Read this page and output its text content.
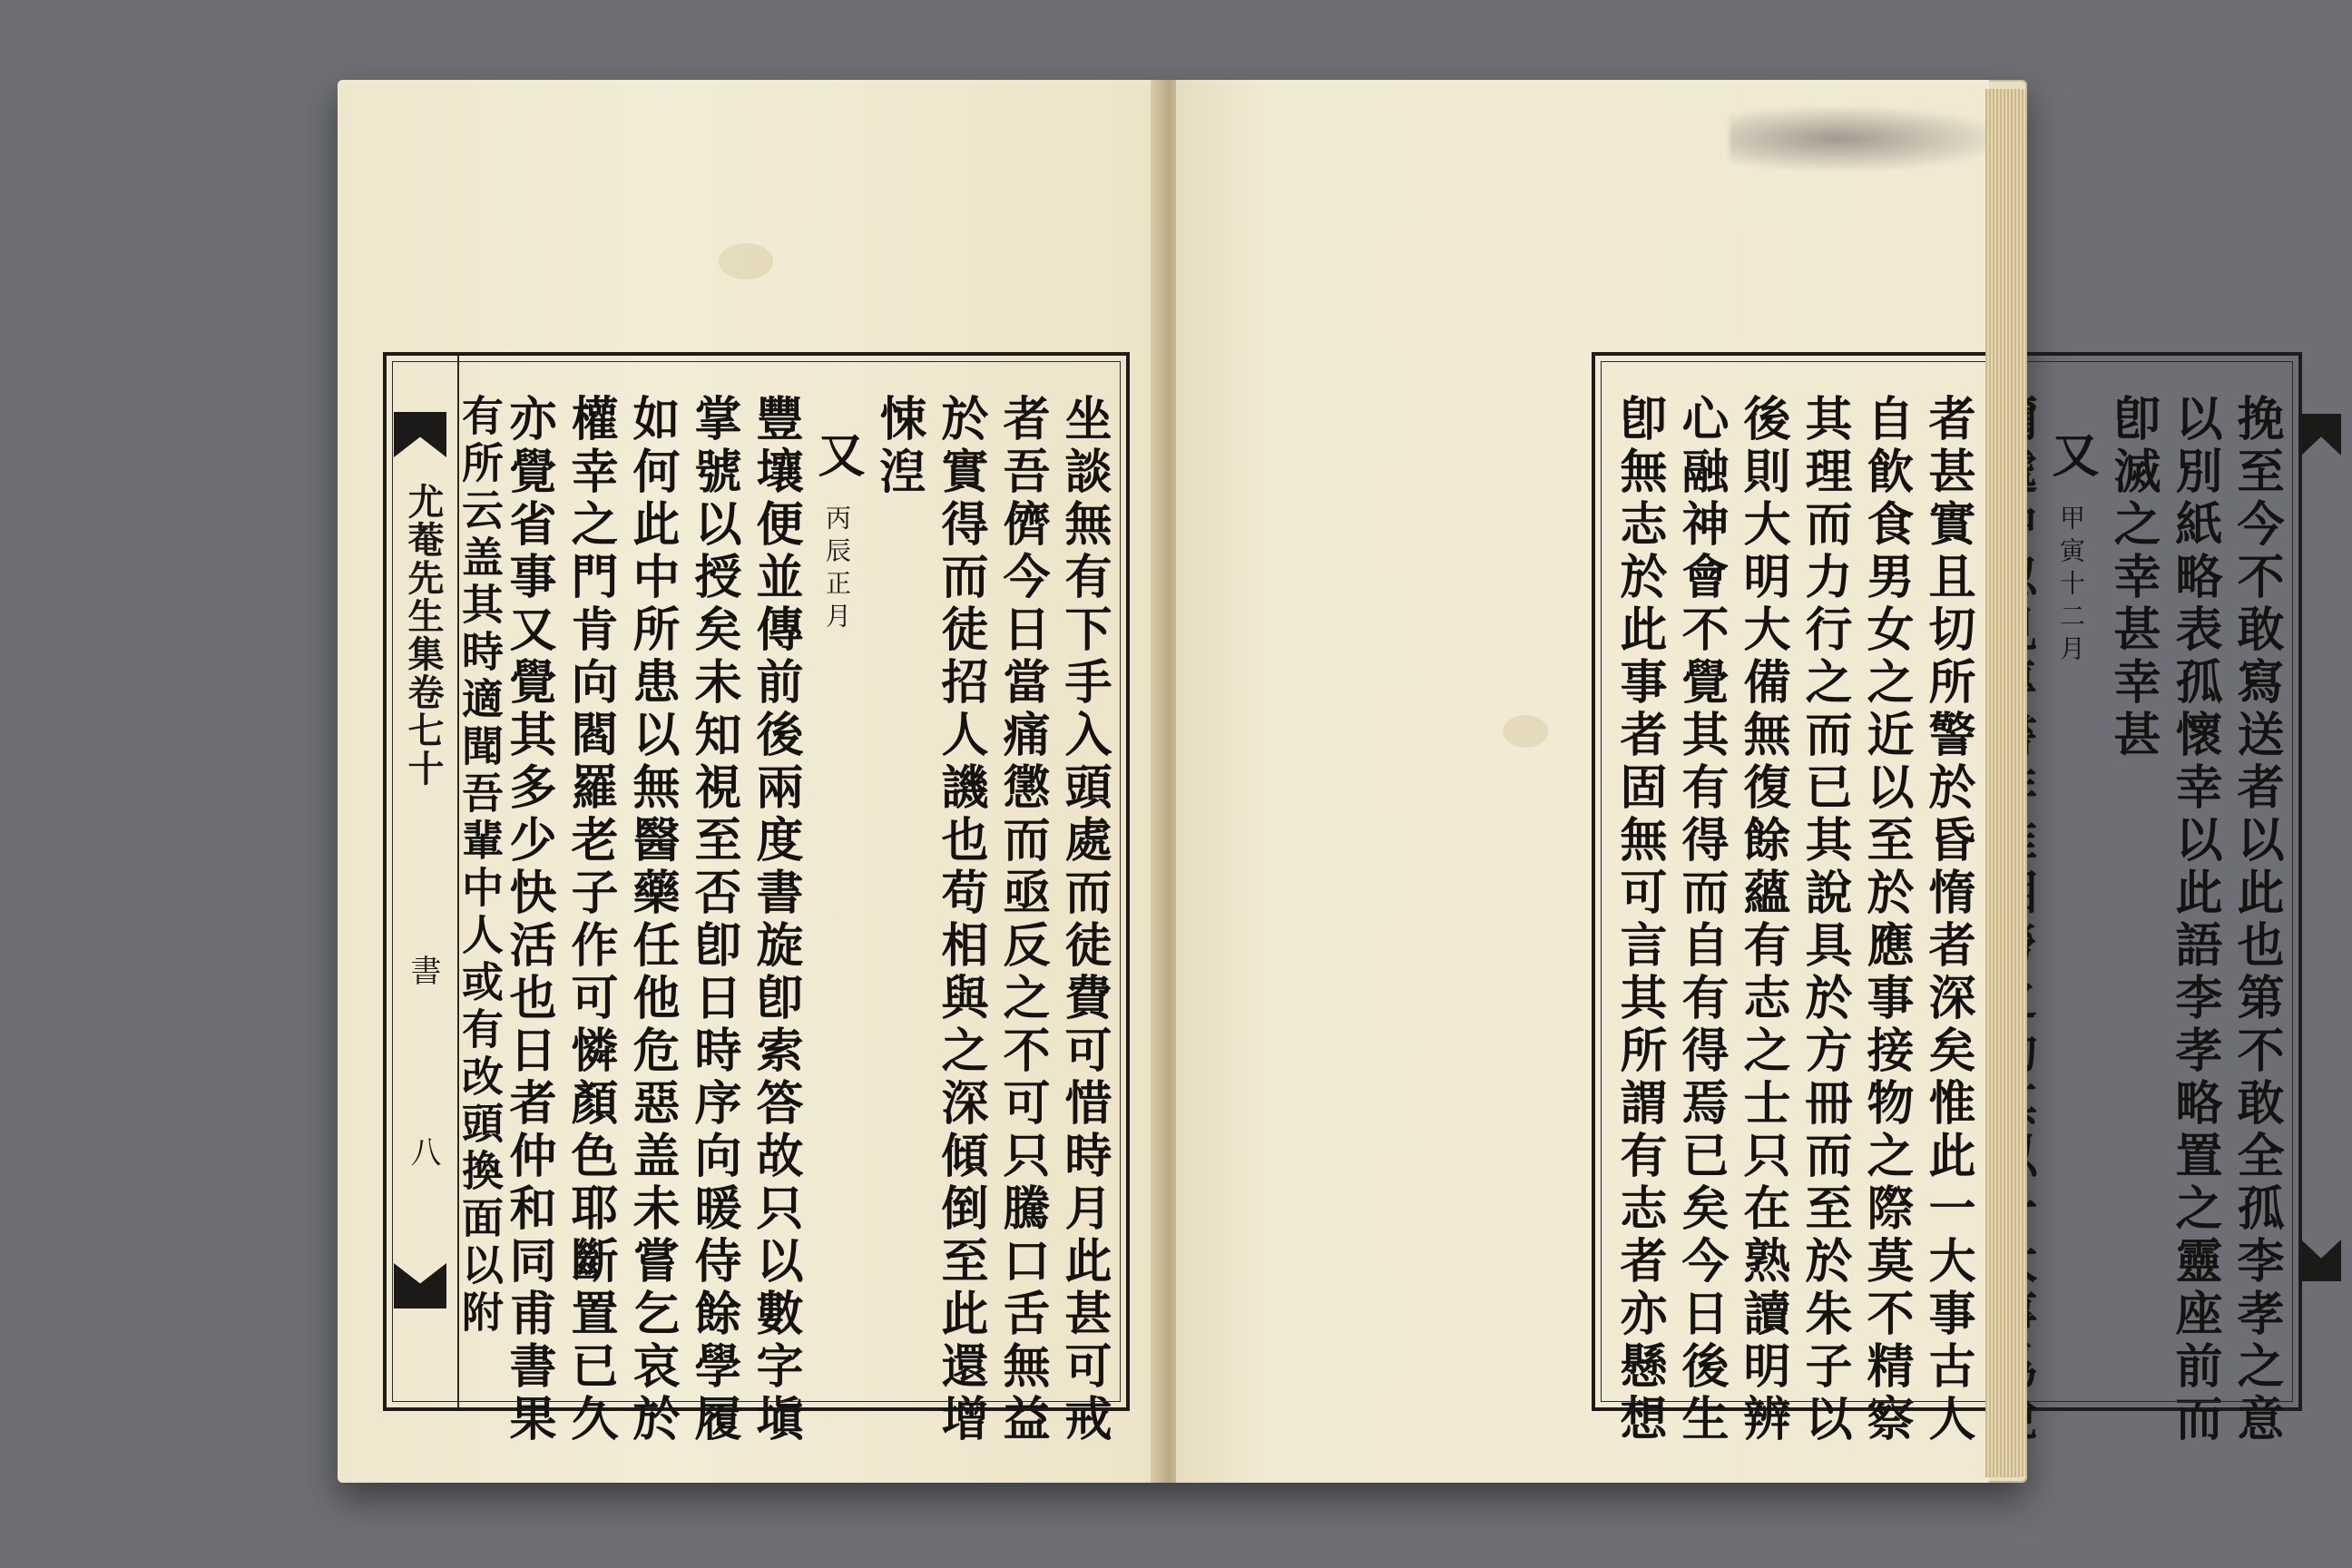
尤菴先生集卷七十
書
八	坐談無有下手入頭處而徒費可惜時月此甚可戒
者吾儕今日當痛懲而亟反之不可只騰口舌無益
於實得而徒招人譏也苟相與之深傾倒至此還增
悚湼
又 丙辰正月
豐壤便並傳前後兩度書旋卽索答故只以數字塡
掌號以授矣未知視至否卽日時序向暖侍餘學履
如何此中所患以無醫藥任他危惡盖未嘗乞哀於
權幸之門肯向閻羅老子作可憐顏色耶斷置已久
亦覺省事又覺其多少快活也日者仲和同甫書果
有所云盖其時適聞吾輩中人或有改頭換面以附	挽至今不敢寫送者以此也第不敢全孤李孝之意
以別紙略表孤懷幸以此語李孝略置之靈座前而
卽滅之幸甚幸甚
又 甲寅十二月
者甚實且切所警於昏惰者深矣惟此一大事古人
自飮食男女之近以至於應事接物之際莫不精察
其理而力行之而已其說具於方冊而至於朱子以
後則大明大備無復餘蘊有志之士只在熟讀明辨
心融神會不覺其有得而自有得焉已矣今日後生
卽無志於此事者固無可言其所謂有志者亦懸想
